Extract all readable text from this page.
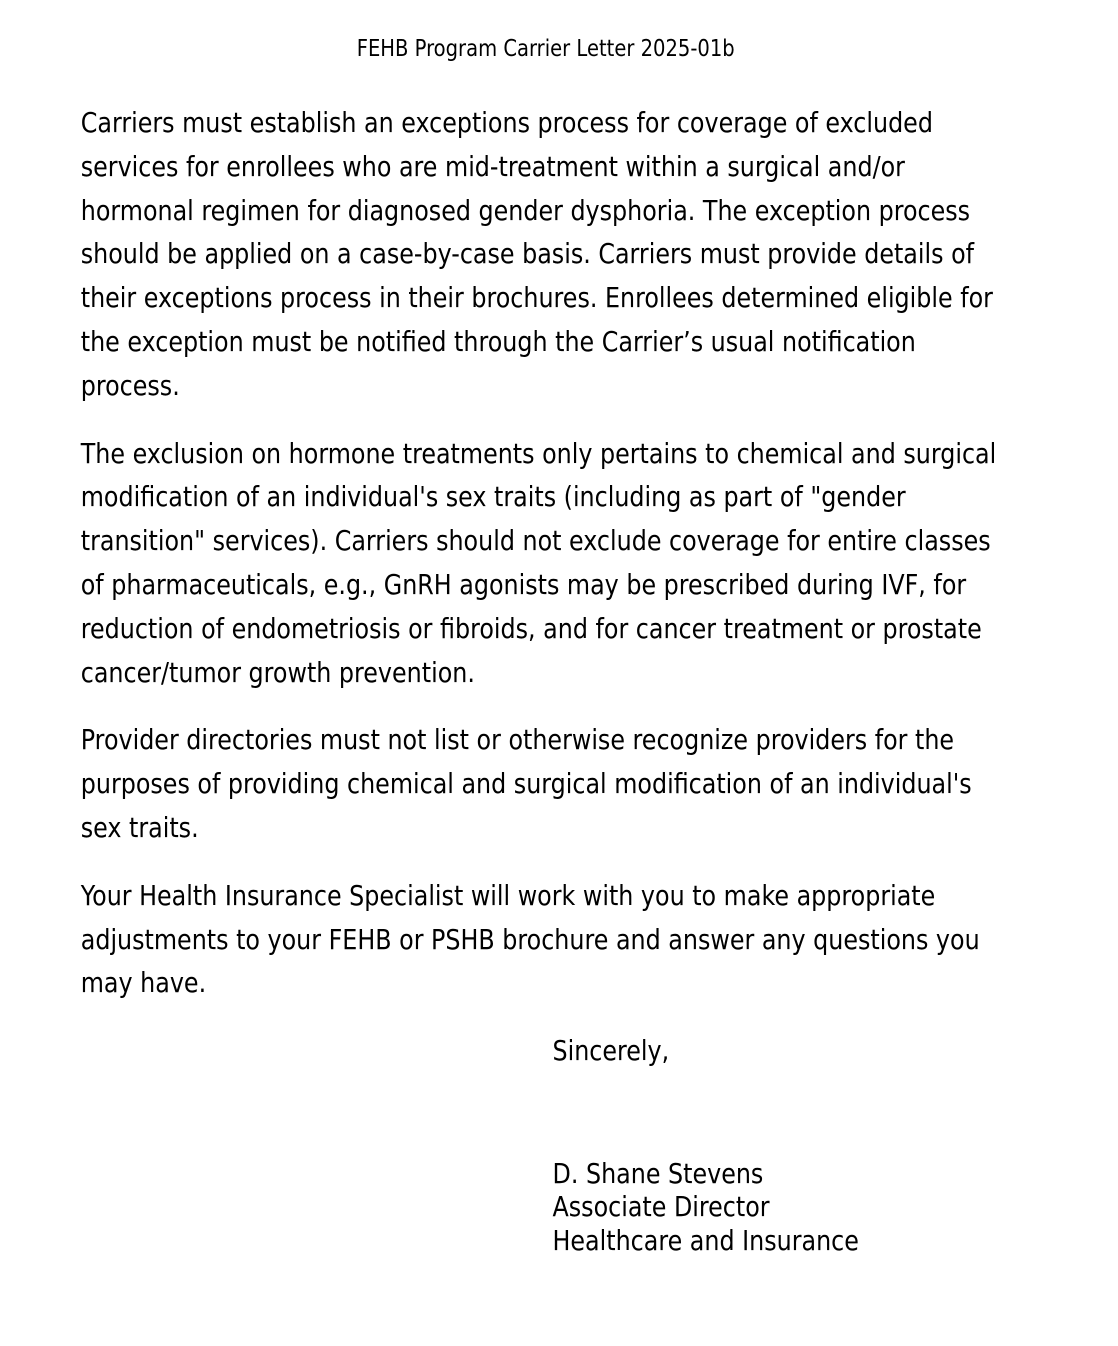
FEHB Program Carrier Letter 2025-01b
Carriers must establish an exceptions process for coverage of excluded
services for enrollees who are mid-treatment within a surgical and/or
hormonal regimen for diagnosed gender dysphoria. The exception process
should be applied on a case-by-case basis. Carriers must provide details of
their exceptions process in their brochures. Enrollees determined eligible for
the exception must be notified through the Carrier’s usual notification
process.
The exclusion on hormone treatments only pertains to chemical and surgical
modification of an individual's sex traits (including as part of "gender
transition" services). Carriers should not exclude coverage for entire classes
of pharmaceuticals, e.g., GnRH agonists may be prescribed during IVF, for
reduction of endometriosis or fibroids, and for cancer treatment or prostate
cancer/tumor growth prevention.
Provider directories must not list or otherwise recognize providers for the
purposes of providing chemical and surgical modification of an individual's
sex traits.
Your Health Insurance Specialist will work with you to make appropriate
adjustments to your FEHB or PSHB brochure and answer any questions you
may have.
Sincerely,
D. Shane Stevens
Associate Director
Healthcare and Insurance
